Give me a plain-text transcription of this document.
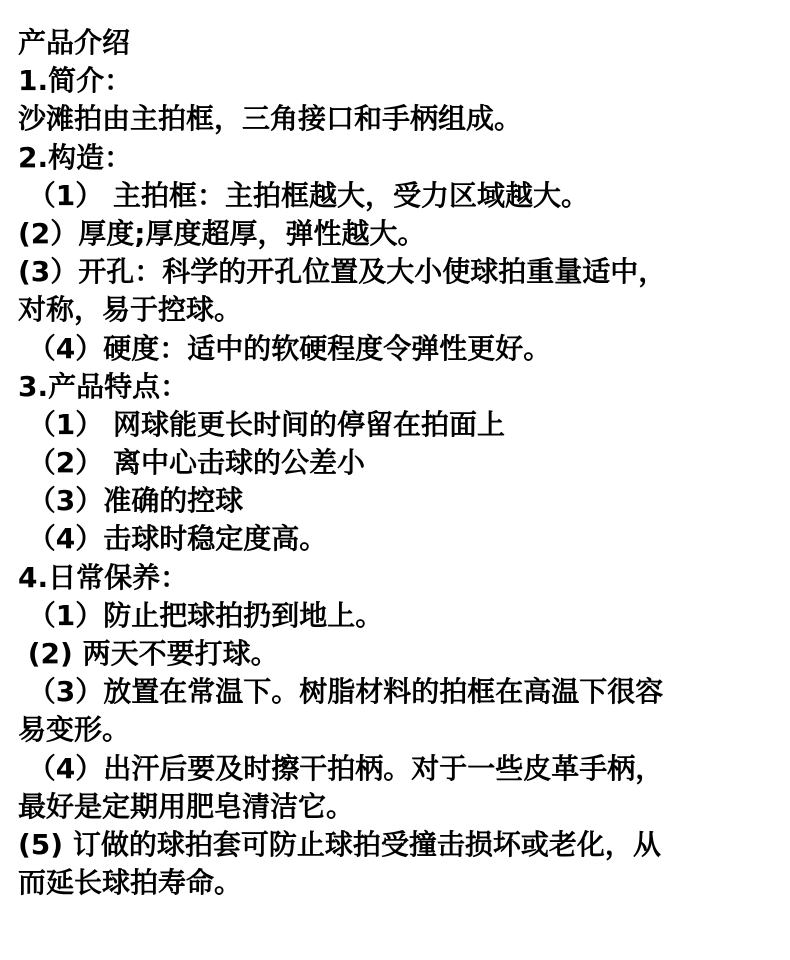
产品介绍
1.简介：
沙滩拍由主拍框，三角接口和手柄组成。
2.构造：
（1） 主拍框：主拍框越大，受力区域越大。
(2）厚度;厚度超厚，弹性越大。
(3）开孔：科学的开孔位置及大小使球拍重量适中，
对称，易于控球。
（4）硬度：适中的软硬程度令弹性更好。
3.产品特点：
（1） 网球能更长时间的停留在拍面上
（2） 离中心击球的公差小
（3）准确的控球
（4）击球时稳定度高。
4.日常保养：
（1）防止把球拍扔到地上。
(2) 两天不要打球。
（3）放置在常温下。树脂材料的拍框在高温下很容
易变形。
（4）出汗后要及时擦干拍柄。对于一些皮革手柄，
最好是定期用肥皂清洁它。
(5) 订做的球拍套可防止球拍受撞击损坏或老化，从
而延长球拍寿命。
